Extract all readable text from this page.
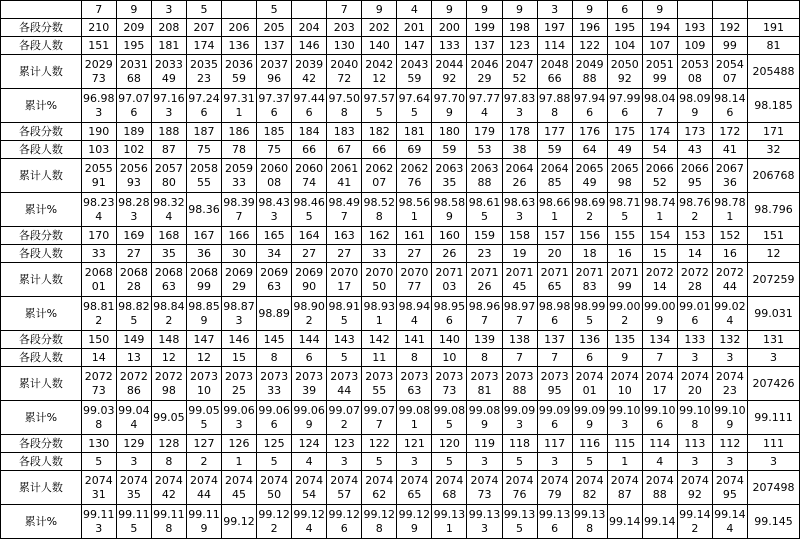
	7	9	3	5		5		7	9	4	9	9	9	3	9	6	9			
各段分数	210	209	208	207	206	205	204	203	202	201	200	199	198	197	196	195	194	193	192	191
各段人数	151	195	181	174	136	137	146	130	140	147	133	137	123	114	122	104	107	109	99	81
累计人数	202973	203168	203349	203523	203659	203796	203942	204072	204212	204359	204492	204629	204752	204866	204988	205092	205199	205308	205407	205488
累计%	96.983	97.076	97.163	97.246	97.311	97.376	97.446	97.508	97.575	97.645	97.709	97.774	97.833	97.888	97.946	97.996	98.047	98.099	98.146	98.185
各段分数	190	189	188	187	186	185	184	183	182	181	180	179	178	177	176	175	174	173	172	171
各段人数	103	102	87	75	78	75	66	67	66	69	59	53	38	59	64	49	54	43	41	32
累计人数	205591	205693	205780	205855	205933	206008	206074	206141	206207	206276	206335	206388	206426	206485	206549	206598	206652	206695	206736	206768
累计%	98.234	98.283	98.324	98.36	98.397	98.433	98.465	98.497	98.528	98.561	98.589	98.615	98.633	98.661	98.692	98.715	98.741	98.762	98.781	98.796
各段分数	170	169	168	167	166	165	164	163	162	161	160	159	158	157	156	155	154	153	152	151
各段人数	33	27	35	36	30	34	27	27	33	27	26	23	19	20	18	16	15	14	16	12
累计人数	206801	206828	206863	206899	206929	206963	206990	207017	207050	207077	207103	207126	207145	207165	207183	207199	207214	207228	207244	207259
累计%	98.812	98.825	98.842	98.859	98.873	98.89	98.902	98.915	98.931	98.944	98.956	98.967	98.977	98.986	98.995	99.002	99.009	99.016	99.024	99.031
各段分数	150	149	148	147	146	145	144	143	142	141	140	139	138	137	136	135	134	133	132	131
各段人数	14	13	12	12	15	8	6	5	11	8	10	8	7	7	6	9	7	3	3	3
累计人数	207273	207286	207298	207310	207325	207333	207339	207344	207355	207363	207373	207381	207388	207395	207401	207410	207417	207420	207423	207426
累计%	99.038	99.044	99.05	99.055	99.063	99.066	99.069	99.072	99.077	99.081	99.085	99.089	99.093	99.096	99.099	99.103	99.106	99.108	99.109	99.111
各段分数	130	129	128	127	126	125	124	123	122	121	120	119	118	117	116	115	114	113	112	111
各段人数	5	3	8	2	1	5	4	3	5	3	5	3	5	3	5	1	4	3	3	3
累计人数	207431	207435	207442	207444	207445	207450	207454	207457	207462	207465	207468	207473	207476	207479	207482	207487	207488	207492	207495	207498
累计%	99.113	99.115	99.118	99.119	99.12	99.122	99.124	99.126	99.128	99.129	99.131	99.133	99.135	99.136	99.138	99.14	99.14	99.142	99.144	99.145
